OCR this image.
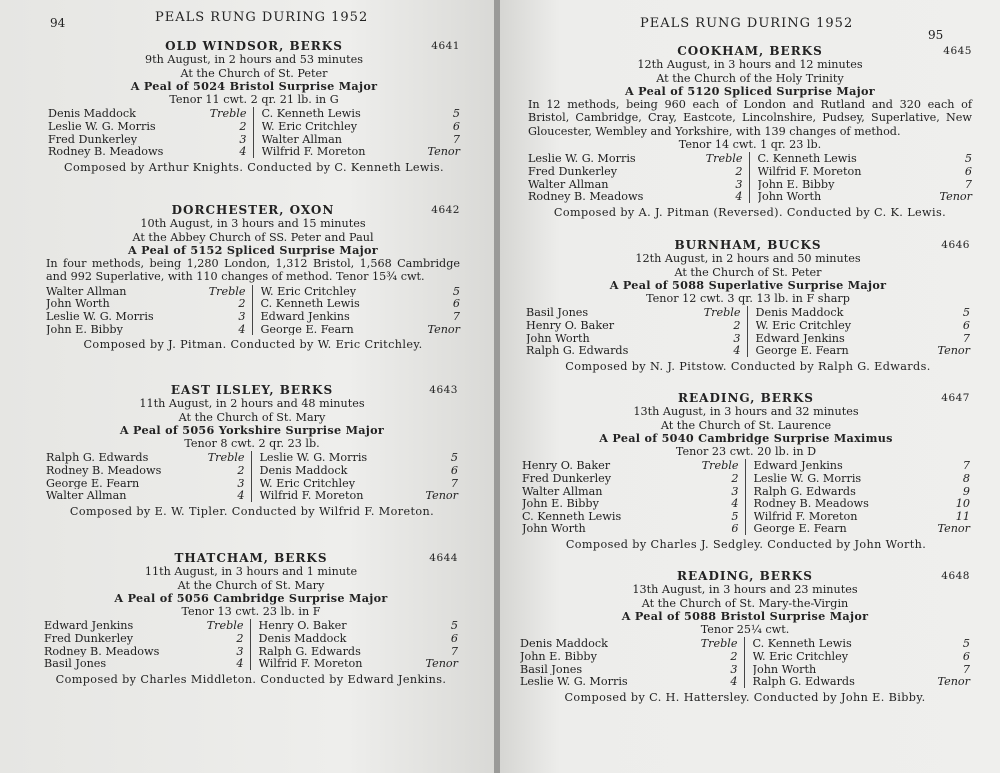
94	PEALS RUNG DURING 1952
4641
OLD WINDSOR, BERKS
9th August, in 2 hours and 53 minutes
At the Church of St. Peter
A Peal of 5024 Bristol Surprise Major
Tenor 11 cwt. 2 qr. 21 lb. in G
Denis Maddock	Treble
Leslie W. G. Morris	2
Fred Dunkerley	3
Rodney B. Meadows	4
C. Kenneth Lewis	5
W. Eric Critchley	6
Walter Allman	7
Wilfrid F. Moreton	Tenor
Composed by Arthur Knights. Conducted by C. Kenneth Lewis.
4642
DORCHESTER, OXON
10th August, in 3 hours and 15 minutes
At the Abbey Church of SS. Peter and Paul
A Peal of 5152 Spliced Surprise Major
In four methods, being 1,280 London, 1,312 Bristol, 1,568 Cambridge and 992 Superlative, with 110 changes of method. Tenor 15¾ cwt.
Walter Allman	Treble
John Worth	2
Leslie W. G. Morris	3
John E. Bibby	4
W. Eric Critchley	5
C. Kenneth Lewis	6
Edward Jenkins	7
George E. Fearn	Tenor
Composed by J. Pitman. Conducted by W. Eric Critchley.
4643
EAST ILSLEY, BERKS
11th August, in 2 hours and 48 minutes
At the Church of St. Mary
A Peal of 5056 Yorkshire Surprise Major
Tenor 8 cwt. 2 qr. 23 lb.
Ralph G. Edwards	Treble
Rodney B. Meadows	2
George E. Fearn	3
Walter Allman	4
Leslie W. G. Morris	5
Denis Maddock	6
W. Eric Critchley	7
Wilfrid F. Moreton	Tenor
Composed by E. W. Tipler. Conducted by Wilfrid F. Moreton.
4644
THATCHAM, BERKS
11th August, in 3 hours and 1 minute
At the Church of St. Mary
A Peal of 5056 Cambridge Surprise Major
Tenor 13 cwt. 23 lb. in F
Edward Jenkins	Treble
Fred Dunkerley	2
Rodney B. Meadows	3
Basil Jones	4
Henry O. Baker	5
Denis Maddock	6
Ralph G. Edwards	7
Wilfrid F. Moreton	Tenor
Composed by Charles Middleton. Conducted by Edward Jenkins.
PEALS RUNG DURING 1952
95
4645
COOKHAM, BERKS
12th August, in 3 hours and 12 minutes
At the Church of the Holy Trinity
A Peal of 5120 Spliced Surprise Major
In 12 methods, being 960 each of London and Rutland and 320 each of Bristol, Cambridge, Cray, Eastcote, Lincolnshire, Pudsey, Superlative, New Gloucester, Wembley and Yorkshire, with 139 changes of method.
Tenor 14 cwt. 1 qr. 23 lb.
Leslie W. G. Morris	Treble
Fred Dunkerley	2
Walter Allman	3
Rodney B. Meadows	4
C. Kenneth Lewis	5
Wilfrid F. Moreton	6
John E. Bibby	7
John Worth	Tenor
Composed by A. J. Pitman (Reversed). Conducted by C. K. Lewis.
4646
BURNHAM, BUCKS
12th August, in 2 hours and 50 minutes
At the Church of St. Peter
A Peal of 5088 Superlative Surprise Major
Tenor 12 cwt. 3 qr. 13 lb. in F sharp
Basil Jones	Treble
Henry O. Baker	2
John Worth	3
Ralph G. Edwards	4
Denis Maddock	5
W. Eric Critchley	6
Edward Jenkins	7
George E. Fearn	Tenor
Composed by N. J. Pitstow. Conducted by Ralph G. Edwards.
4647
READING, BERKS
13th August, in 3 hours and 32 minutes
At the Church of St. Laurence
A Peal of 5040 Cambridge Surprise Maximus
Tenor 23 cwt. 20 lb. in D
Henry O. Baker	Treble
Fred Dunkerley	2
Walter Allman	3
John E. Bibby	4
C. Kenneth Lewis	5
John Worth	6
Edward Jenkins	7
Leslie W. G. Morris	8
Ralph G. Edwards	9
Rodney B. Meadows	10
Wilfrid F. Moreton	11
George E. Fearn	Tenor
Composed by Charles J. Sedgley. Conducted by John Worth.
4648
READING, BERKS
13th August, in 3 hours and 23 minutes
At the Church of St. Mary-the-Virgin
A Peal of 5088 Bristol Surprise Major
Tenor 25¼ cwt.
Denis Maddock	Treble
John E. Bibby	2
Basil Jones	3
Leslie W. G. Morris	4
C. Kenneth Lewis	5
W. Eric Critchley	6
John Worth	7
Ralph G. Edwards	Tenor
Composed by C. H. Hattersley. Conducted by John E. Bibby.
